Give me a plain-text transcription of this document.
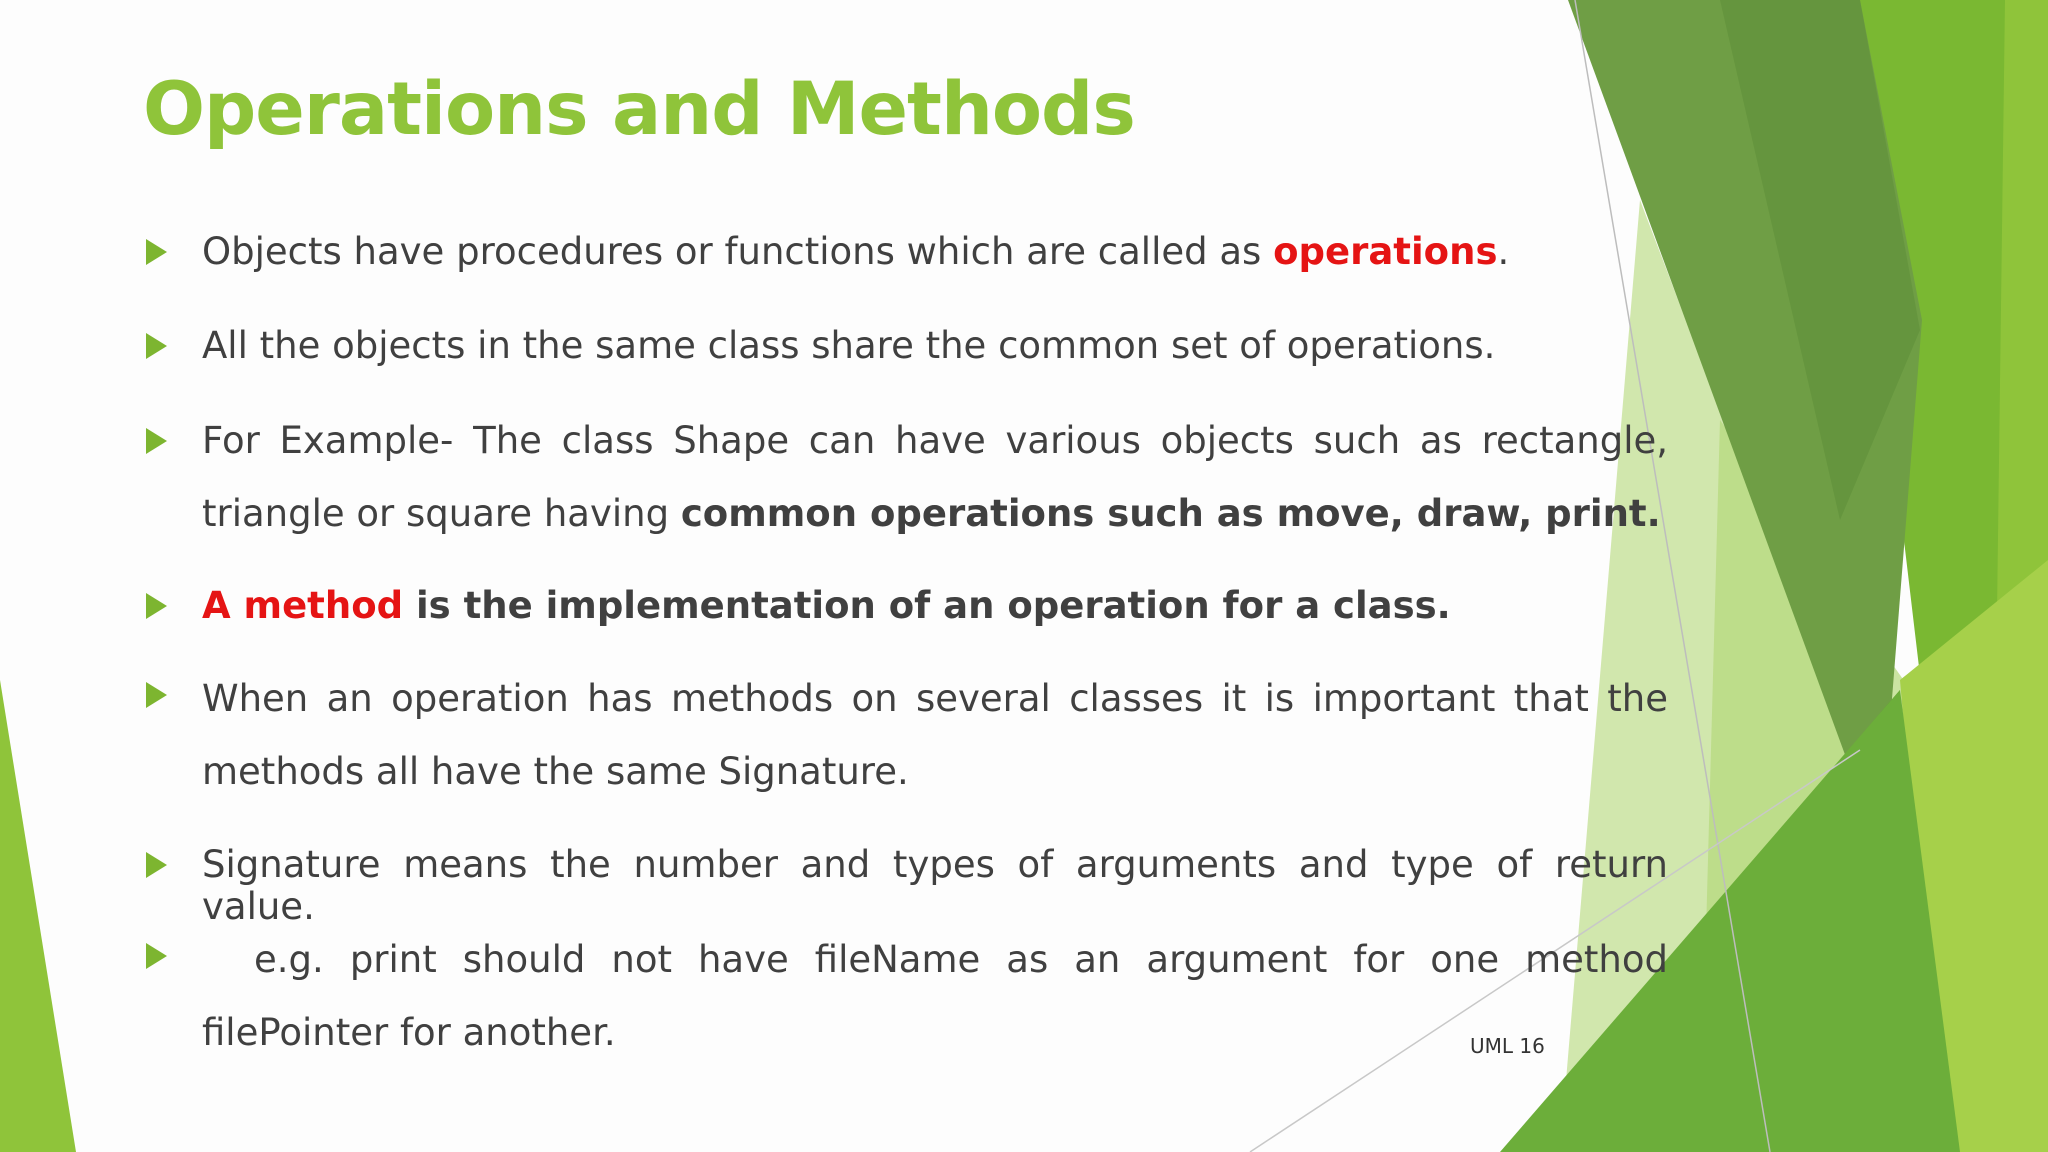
Operations and Methods
Objects have procedures or functions which are called as operations.
All the objects in the same class share the common set of operations.
For Example- The class Shape can have various objects such as rectangle, triangle or square having common operations such as move, draw, print.
A method is the implementation of an operation for a class.
When an operation has methods on several classes it is important that the methods all have the same Signature.
Signature means the number and types of arguments and type of return value.
e.g. print should not have fileName as an argument for one method filePointer for another.	UML 16
